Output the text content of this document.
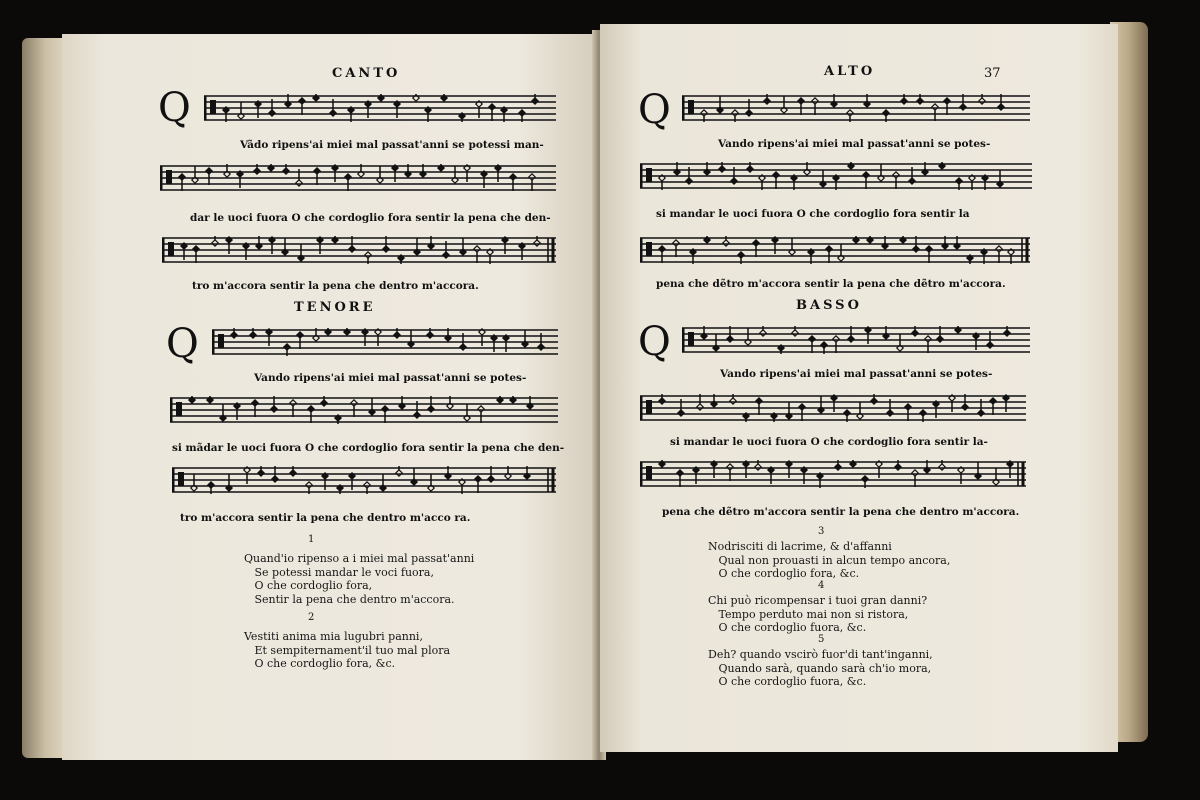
CANTO
Q
Vãdo ripens'ai miei mal passat'anni se potessi man-
dar le uoci fuora O che cordoglio fora sentir la pena che den-
tro m'accora sentir la pena che dentro m'accora.
TENORE
Q
Vando ripens'ai miei mal passat'anni se potes-
si mãdar le uoci fuora O che cordoglio fora sentir la pena che den-
tro m'accora sentir la pena che dentro m'acco ra.
1
Quand'io ripenso a i miei mal passat'anni
Se potessi mandar le voci fuora,
O che cordoglio fora,
Sentir la pena che dentro m'accora.
2
Vestiti anima mia lugubri panni,
Et sempiternament'il tuo mal plora
O che cordoglio fora, &c.
ALTO	37
Q
Vando ripens'ai miei mal passat'anni se potes-
si mandar le uoci fuora O che cordoglio fora sentir la
pena che dẽtro m'accora sentir la pena che dẽtro m'accora.
BASSO
Q
Vando ripens'ai miei mal passat'anni se potes-
si mandar le uoci fuora O che cordoglio fora sentir la-
pena che dẽtro m'accora sentir la pena che dentro m'accora.
3
Nodrisciti di lacrime, & d'affanni
Qual non prouasti in alcun tempo ancora,
O che cordoglio fora, &c.
4
Chi può ricompensar i tuoi gran danni?
Tempo perduto mai non si ristora,
O che cordoglio fuora, &c.
5
Deh? quando vscirò fuor'di tant'inganni,
Quando sarà, quando sarà ch'io mora,
O che cordoglio fuora, &c.
